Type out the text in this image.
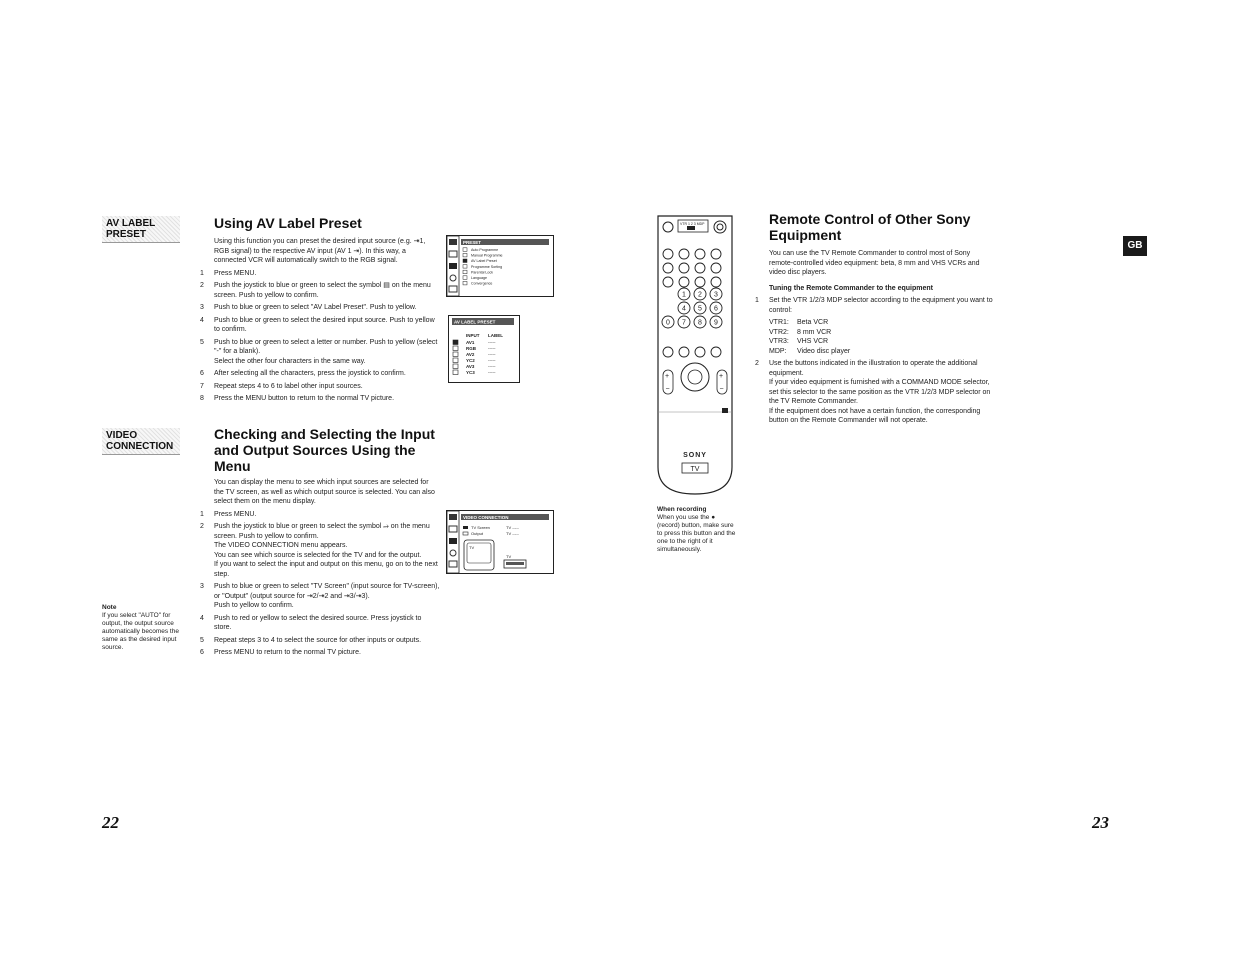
AV LABEL PRESET
Using AV Label Preset
Using this function you can preset the desired input source (e.g. ⇥1, RGB signal) to the respective AV input (AV 1 ⇥). In this way, a connected VCR will automatically switch to the RGB signal.
1 Press MENU.
2 Push the joystick to blue or green to select the symbol ▤ on the menu screen. Push to yellow to confirm.
3 Push to blue or green to select "AV Label Preset". Push to yellow.
4 Push to blue or green to select the desired input source. Push to yellow to confirm.
5 Push to blue or green to select a letter or number. Push to yellow (select "-" for a blank).
Select the other four characters in the same way.
6 After selecting all the characters, press the joystick to confirm.
7 Repeat steps 4 to 6 to label other input sources.
8 Press the MENU button to return to the normal TV picture.
PRESET
Auto Programme
Manual Programme
AV Label Preset
Programme Sorting
Parental Lock
Language
Convergence
AV LABEL PRESET
INPUT LABEL
AV1	-----
RGB	-----
AV2	-----
YC2	-----
AV3	-----
YC3	-----
VIDEO CONNECTION
Checking and Selecting the Input and Output Sources Using the Menu
You can display the menu to see which input sources are selected for the TV screen, as well as which output source is selected. You can also select them on the menu display.
1 Press MENU.
2 Push the joystick to blue or green to select the symbol ⭌ on the menu screen. Push to yellow to confirm.
The VIDEO CONNECTION menu appears.
You can see which source is selected for the TV and for the output.
If you want to select the input and output on this menu, go on to the next step.
3 Push to blue or green to select "TV Screen" (input source for TV-screen), or "Output" (output source for ⇥2/⇥2 and ⇥3/⇥3).
Push to yellow to confirm.
4 Push to red or yellow to select the desired source. Press joystick to store.
5 Repeat steps 3 to 4 to select the source for other inputs or outputs.
6 Press MENU to return to the normal TV picture.
VIDEO CONNECTION
TV Screen
Output
TV -----
TV -----
TV
TV
Note
If you select "AUTO" for output, the output source automatically becomes the same as the desired input source.
22
VTR 1 2 3 MDP
1 2 3
4 5 6
7 8 9
0
+
−
+
−
SONY
TV
When recording
When you use the ● (record) button, make sure to press this button and the one to the right of it simultaneously.
Remote Control of Other Sony Equipment
You can use the TV Remote Commander to control most of Sony remote-controlled video equipment: beta, 8 mm and VHS VCRs and video disc players.
Tuning the Remote Commander to the equipment
1 Set the VTR 1/2/3 MDP selector according to the equipment you want to control:
VTR1: Beta VCR
VTR2: 8 mm VCR
VTR3: VHS VCR
MDP: Video disc player
2 Use the buttons indicated in the illustration to operate the additional equipment.
If your video equipment is furnished with a COMMAND MODE selector, set this selector to the same position as the VTR 1/2/3 MDP selector on the TV Remote Commander.
If the equipment does not have a certain function, the corresponding button on the Remote Commander will not operate.
GB
23
